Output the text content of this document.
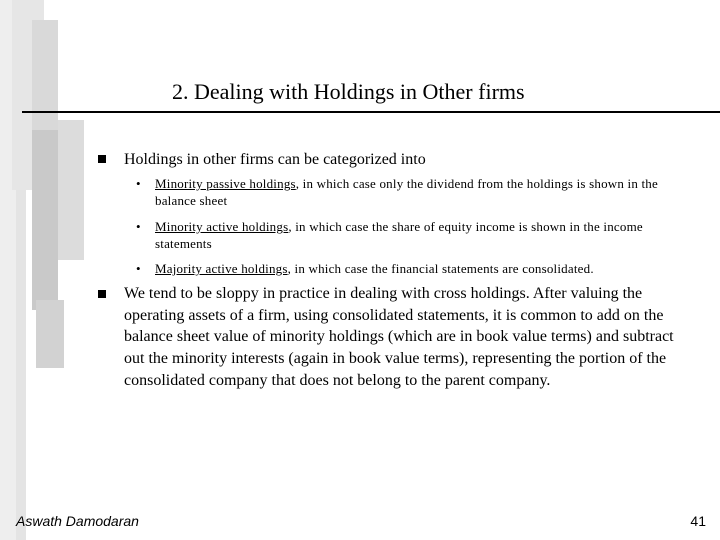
2. Dealing with Holdings in Other firms
Holdings in other firms can be categorized into
• Minority passive holdings, in which case only the dividend from the holdings is shown in the balance sheet
• Minority active holdings, in which case the share of equity income is shown in the income statements
• Majority active holdings, in which case the financial statements are consolidated.
We tend to be sloppy in practice in dealing with cross holdings. After valuing the operating assets of a firm, using consolidated statements, it is common to add on the balance sheet value of minority holdings (which are in book value terms) and subtract out the minority interests (again in book value terms), representing the portion of the consolidated company that does not belong to the parent company.
Aswath Damodaran	41
